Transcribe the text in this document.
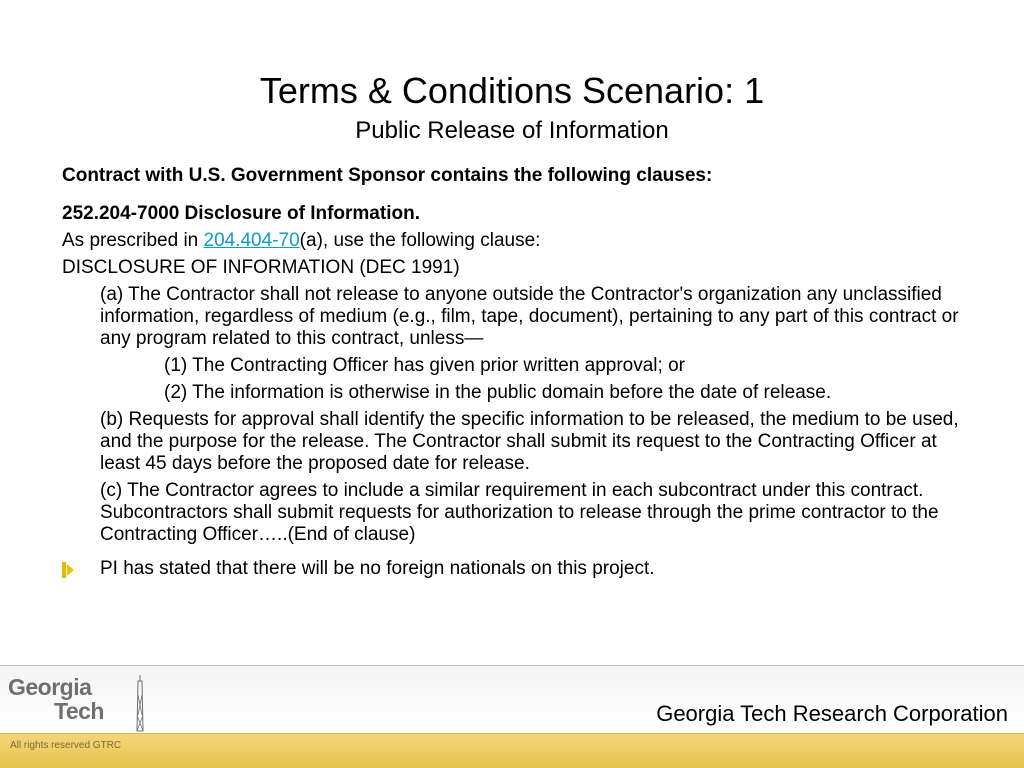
Terms & Conditions Scenario: 1
Public Release of Information

Contract with U.S. Government Sponsor contains the following clauses:

252.204-7000 Disclosure of Information.

As prescribed in 204.404-70(a), use the following clause:

DISCLOSURE OF INFORMATION (DEC 1991)

(a) The Contractor shall not release to anyone outside the Contractor's organization any unclassified information, regardless of medium (e.g., film, tape, document), pertaining to any part of this contract or any program related to this contract, unless—

(1) The Contracting Officer has given prior written approval; or

(2) The information is otherwise in the public domain before the date of release.

(b) Requests for approval shall identify the specific information to be released, the medium to be used, and the purpose for the release. The Contractor shall submit its request to the Contracting Officer at least 45 days before the proposed date for release.

(c) The Contractor agrees to include a similar requirement in each subcontract under this contract. Subcontractors shall submit requests for authorization to release through the prime contractor to the Contracting Officer…..(End of clause)

PI has stated that there will be no foreign nationals on this project.
Georgia
Tech	Georgia Tech Research Corporation
All rights reserved GTRC
